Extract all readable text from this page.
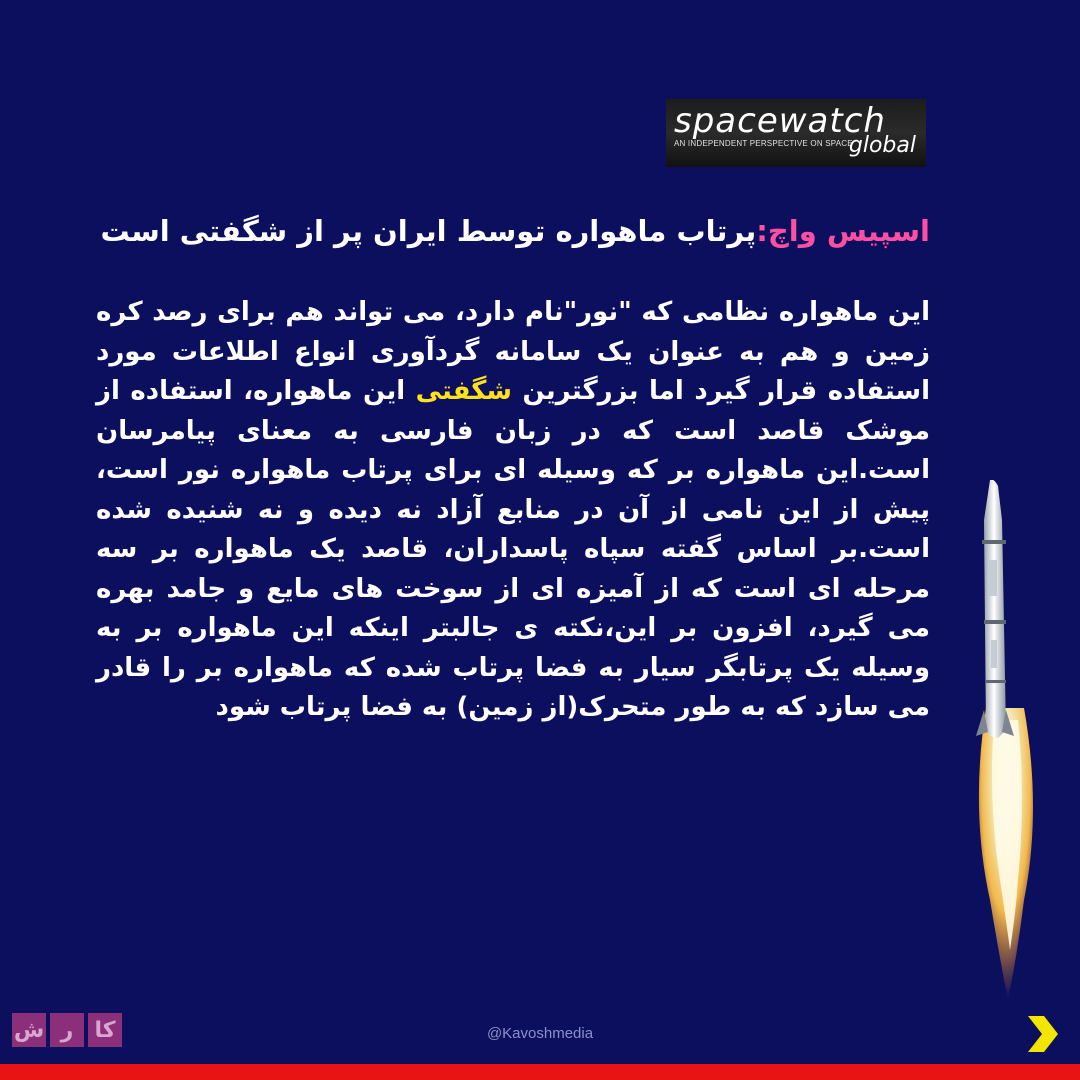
spacewatch
AN INDEPENDENT PERSPECTIVE ON SPACE
global
اسپیس واچ:پرتاب ماهواره توسط ایران پر از شگفتی است
این ماهواره نظامی که "نور"نام دارد، می تواند هم برای رصد کره زمین و هم به عنوان یک سامانه گردآوری انواع اطلاعات مورد استفاده قرار گیرد اما بزرگترین شگفتی این ماهواره، استفاده از موشک قاصد است که در زبان فارسی به معنای پیامرسان است.این ماهواره بر که وسیله ای برای پرتاب ماهواره نور است، پیش از این نامی از آن در منابع آزاد نه دیده و نه شنیده شده است.بر اساس گفته سپاه پاسداران، قاصد یک ماهواره بر سه مرحله ای است که از آمیزه ای از سوخت های مایع و جامد بهره می گیرد، افزون بر این،نکته ی جالبتر اینکه این ماهواره بر به وسیله یک پرتابگر سیار به فضا پرتاب شده که ماهواره بر را قادر می سازد که به طور متحرک(از زمین) به فضا پرتاب شود
ش ر کا	@Kavoshmedia
